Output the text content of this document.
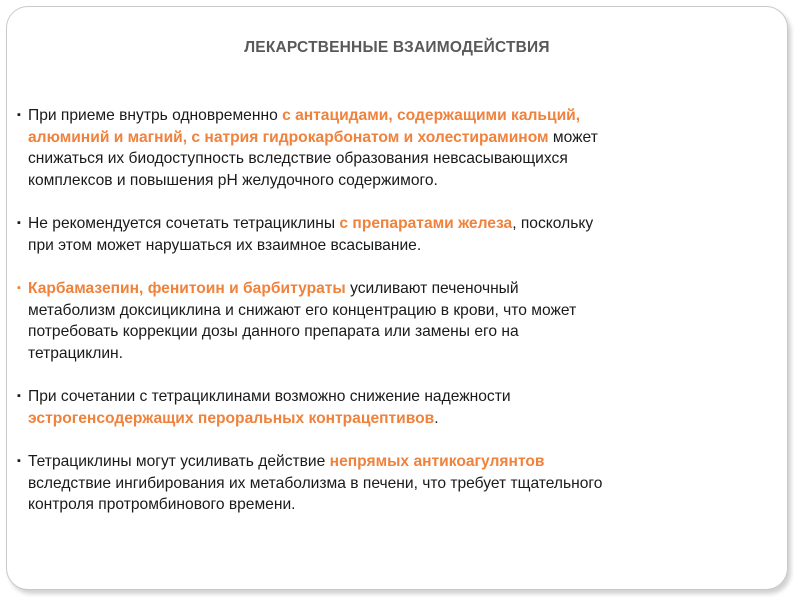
ЛЕКАРСТВЕННЫЕ ВЗАИМОДЕЙСТВИЯ
▪ При приеме внутрь одновременно с антацидами, содержащими кальций,
алюминий и магний, с натрия гидрокарбонатом и холестирамином может
снижаться их биодоступность вследствие образования невсасывающихся
комплексов и повышения рН желудочного содержимого.
▪ Не рекомендуется сочетать тетрациклины с препаратами железа, поскольку
при этом может нарушаться их взаимное всасывание.
▪ Карбамазепин, фенитоин и барбитураты усиливают печеночный
метаболизм доксициклина и снижают его концентрацию в крови, что может
потребовать коррекции дозы данного препарата или замены его на
тетрациклин.
▪ При сочетании с тетрациклинами возможно снижение надежности
эстрогенсодержащих пероральных контрацептивов.
▪ Тетрациклины могут усиливать действие непрямых антикоагулянтов
вследствие ингибирования их метаболизма в печени, что требует тщательного
контроля протромбинового времени.
